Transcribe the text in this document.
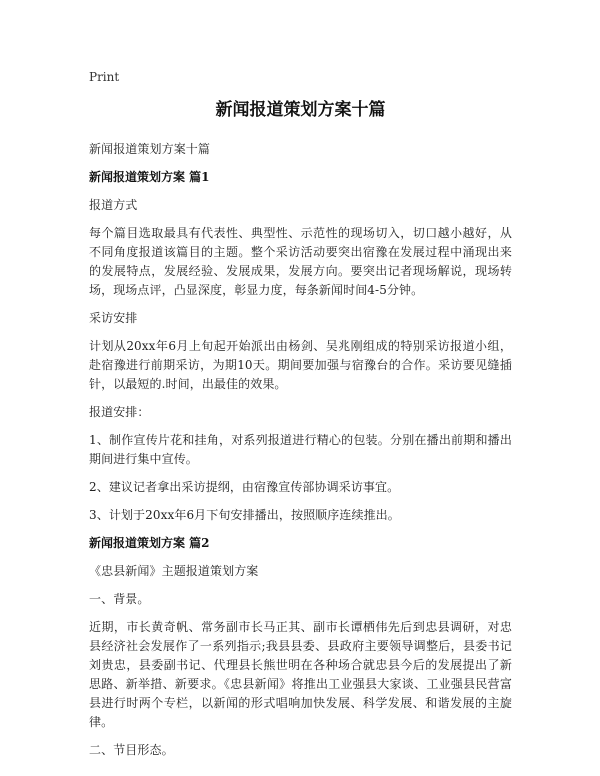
Print
新闻报道策划方案十篇
新闻报道策划方案十篇
新闻报道策划方案 篇1
报道方式
每个篇目选取最具有代表性、典型性、示范性的现场切入，切口越小越好，从不同角度报道该篇目的主题。整个采访活动要突出宿豫在发展过程中涌现出来的发展特点，发展经验、发展成果，发展方向。要突出记者现场解说，现场转场，现场点评，凸显深度，彰显力度，每条新闻时间4-5分钟。
采访安排
计划从20xx年6月上旬起开始派出由杨剑、吴兆刚组成的特别采访报道小组，赴宿豫进行前期采访，为期10天。期间要加强与宿豫台的合作。采访要见缝插针，以最短的.时间，出最佳的效果。
报道安排：
1、制作宣传片花和挂角，对系列报道进行精心的包装。分别在播出前期和播出期间进行集中宣传。
2、建议记者拿出采访提纲，由宿豫宣传部协调采访事宜。
3、计划于20xx年6月下旬安排播出，按照顺序连续推出。
新闻报道策划方案 篇2
《忠县新闻》主题报道策划方案
一、背景。
近期，市长黄奇帆、常务副市长马正其、副市长谭栖伟先后到忠县调研，对忠县经济社会发展作了一系列指示;我县县委、县政府主要领导调整后，县委书记刘贵忠，县委副书记、代理县长熊世明在各种场合就忠县今后的发展提出了新思路、新举措、新要求。《忠县新闻》将推出工业强县大家谈、工业强县民营富县进行时两个专栏，以新闻的形式唱响加快发展、科学发展、和谐发展的主旋律。
二、节目形态。
